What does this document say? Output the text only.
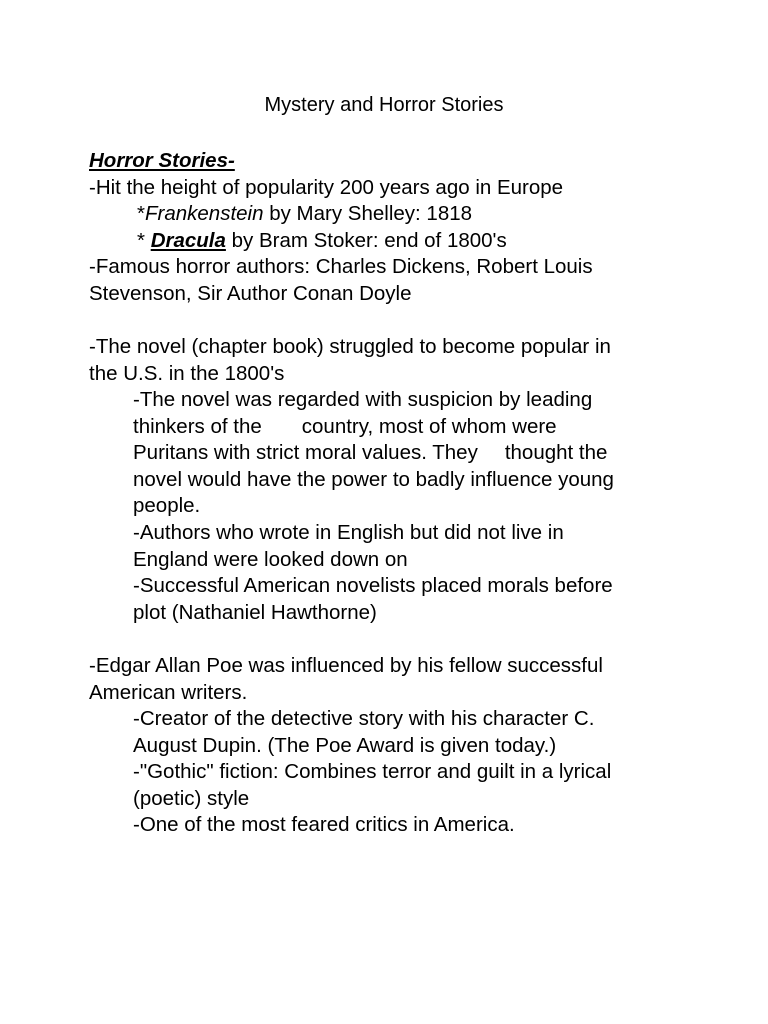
Mystery and Horror Stories
Horror Stories-
-Hit the height of popularity 200 years ago in Europe
*Frankenstein by Mary Shelley: 1818
* Dracula by Bram Stoker: end of 1800's
-Famous horror authors: Charles Dickens, Robert Louis
Stevenson, Sir Author Conan Doyle
-The novel (chapter book) struggled to become popular in
the U.S. in the 1800's
-The novel was regarded with suspicion by leading
thinkers of the country, most of whom were
Puritans with strict moral values. They thought the
novel would have the power to badly influence young
people.
-Authors who wrote in English but did not live in
England were looked down on
-Successful American novelists placed morals before
plot (Nathaniel Hawthorne)
-Edgar Allan Poe was influenced by his fellow successful
American writers.
-Creator of the detective story with his character C.
August Dupin. (The Poe Award is given today.)
-"Gothic" fiction: Combines terror and guilt in a lyrical
(poetic) style
-One of the most feared critics in America.
